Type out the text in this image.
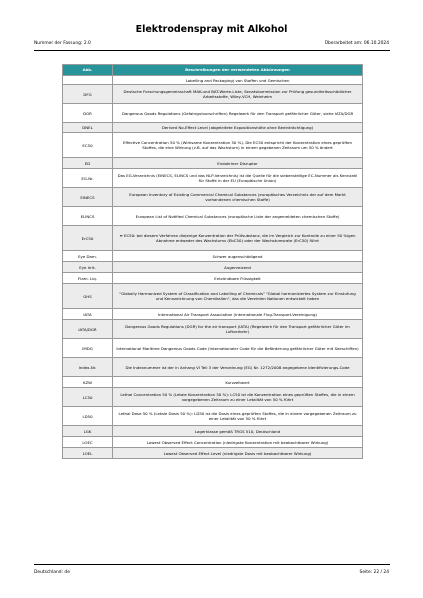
Elektrodenspray mit Alkohol
Nummer der Fassung: 2.0	Überarbeitet am: 06.10.2024
Abk.	Beschreibungen der verwendeten Abkürzungen
	Labelling and Packaging) von Stoffen und Gemischen
DFG	Deutsche Forschungsgemeinschaft MAK-und BAT-Werte-Liste, Senatskommission zur Prüfung gesundheitsschädlicher Arbeitsstoffe, Wiley-VCH, Weinheim
DGR	Dangerous Goods Regulations (Gefahrgutvorschriften) Regelwerk für den Transport gefährlicher Güter, siehe IATA/DGR
DNEL	Derived No-Effect Level (abgeleitete Expositionshöhe ohne Beeinträchtigung)
EC50	Effective Concentration 50 % (Wirksame Konzentration 50 %). Die EC50 entspricht der Konzentration eines geprüften Stoffes, die eine Wirkung (z.B. auf das Wachstum) in einem gegebenen Zeitraum um 50 % ändert
ED	Endokriner Disruptor
EG-Nr.	Das EG-Verzeichnis (EINECS, ELINCS und das NLP-Verzeichnis) ist die Quelle für die siebenstellige EC-Nummer als Kennzahl für Stoffe in der EU (Europäische Union)
EINECS	European Inventory of Existing Commercial Chemical Substances (europäisches Verzeichnis der auf dem Markt vorhandenen chemischen Stoffe)
ELINCS	European List of Notified Chemical Substances (europäische Liste der angemeldeten chemischen Stoffe)
ErC50	≡ EC50: bei diesem Verfahren diejenige Konzentration der Prüfsubstanz, die im Vergleich zur Kontrolle zu einer 50 %igen Abnahme entweder des Wachstums (EbC50) oder der Wachstumsrate (ErC50) führt
Eye Dam.	Schwer augenschädigend
Eye Irrit.	Augenreizend
Flam. Liq.	Entzündbare Flüssigkeit
GHS	"Globally Harmonized System of Classification and Labelling of Chemicals" "Global harmonisiertes System zur Einstufung und Kennzeichnung von Chemikalien", das die Vereinten Nationen entwickelt haben
IATA	International Air Transport Association (Internationale Flug-Transport-Vereinigung)
IATA/DGR	Dangerous Goods Regulations (DGR) for the air transport (IATA) (Regelwerk für den Transport gefährlicher Güter im Luftverkehr)
IMDG	International Maritime Dangerous Goods Code (Internationaler Code für die Beförderung gefährlicher Güter mit Seeschiffen)
Index-Nr.	Die Indexnummer ist der in Anhang VI Teil 3 der Verordnung (EG) Nr. 1272/2008 angegebene Identifizierungs-Code
KZW	Kurzzeitwert
LC50	Lethal Concentration 50 % (Letale Konzentration 50 %): LC50 ist die Konzentration eines geprüften Stoffes, die in einem vorgegebenen Zeitraum zu einer Letalität von 50 % führt
LD50	Lethal Dose 50 % (Letale Dosis 50 %): LD50 ist die Dosis eines geprüften Stoffes, die in einem vorgegebenen Zeitraum zu einer Letalität von 50 % führt
LGK	Lagerklasse gemäß TRGS 510, Deutschland
LOEC	Lowest Observed Effect Concentration (niedrigste Konzentration mit beobachtbarer Wirkung)
LOEL	Lowest Observed Effect Level (niedrigste Dosis mit beobachtbarer Wirkung)
Deutschland: de	Seite: 22 / 24
